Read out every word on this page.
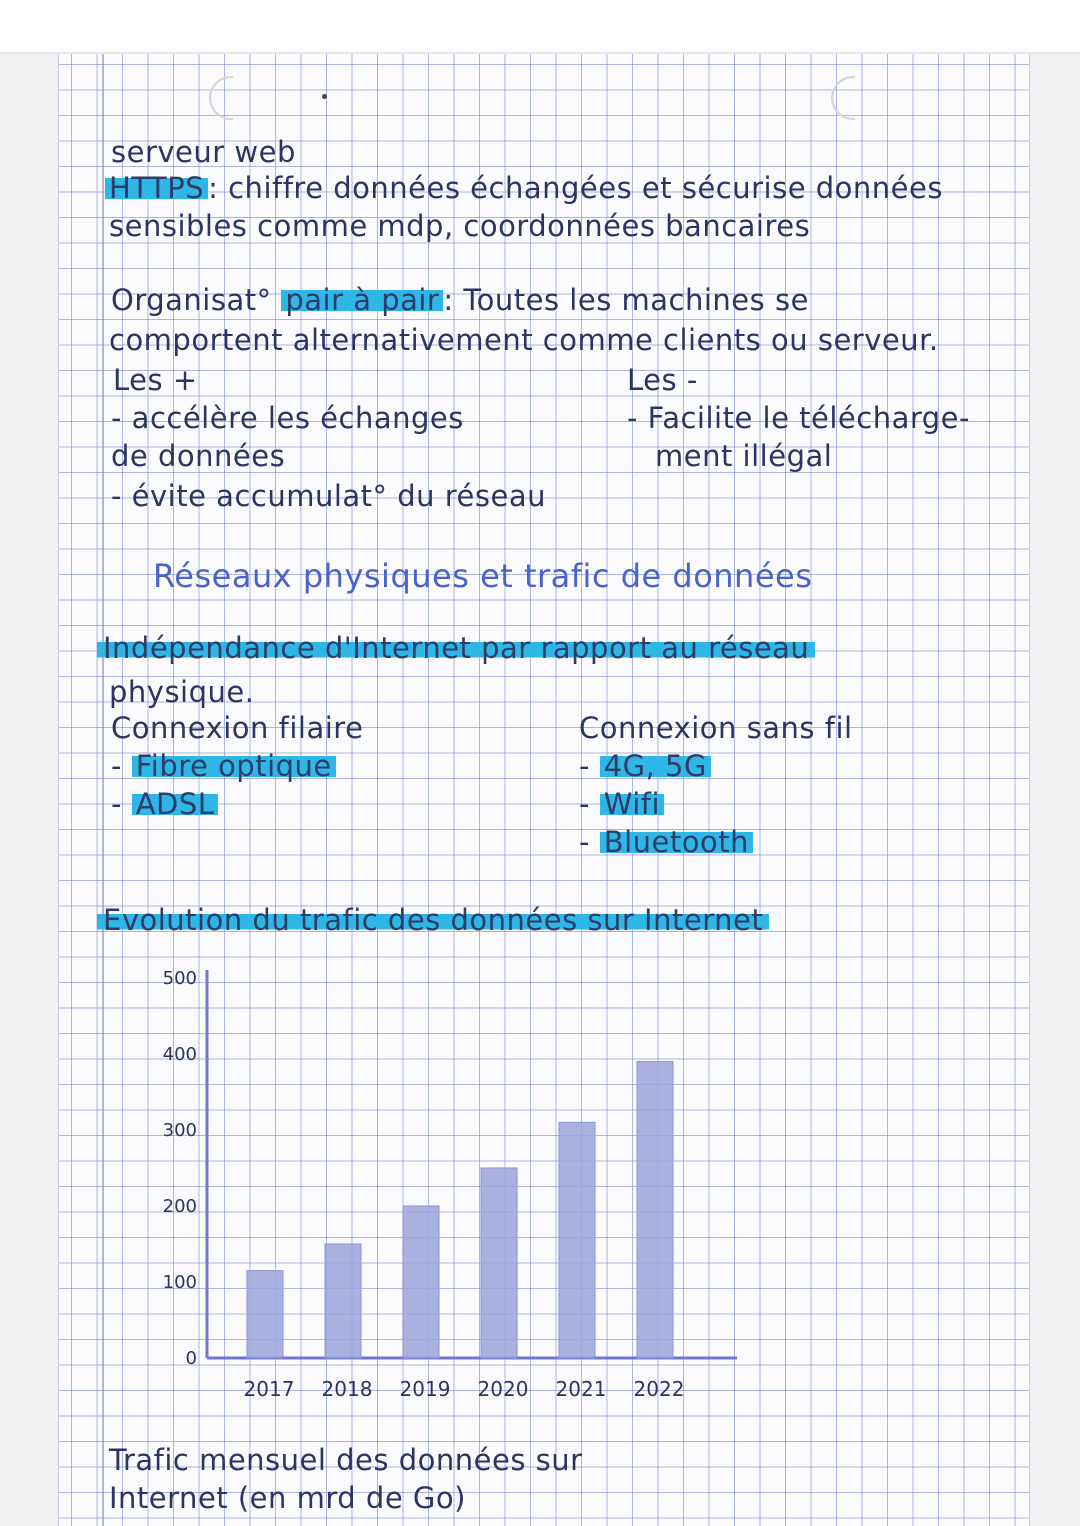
serveur web
HTTPS : chiffre données échangées et sécurise données
sensibles comme mdp, coordonnées bancaires
Organisat° pair à pair : Toutes les machines se
comportent alternativement comme clients ou serveur.
Les +	Les -
- accélère les échanges
de données
- évite accumulat° du réseau
- Facilite le télécharge-
ment illégal
Réseaux physiques et trafic de données
Indépendance d'Internet par rapport au réseau
physique.
Connexion filaire
- Fibre optique
- ADSL
Connexion sans fil
- 4G, 5G
- Wifi
- Bluetooth
Evolution du trafic des données sur Internet
0
100
200
300
400
500
2017 2018 2019 2020 2021 2022
Trafic mensuel des données sur
Internet (en mrd de Go)
